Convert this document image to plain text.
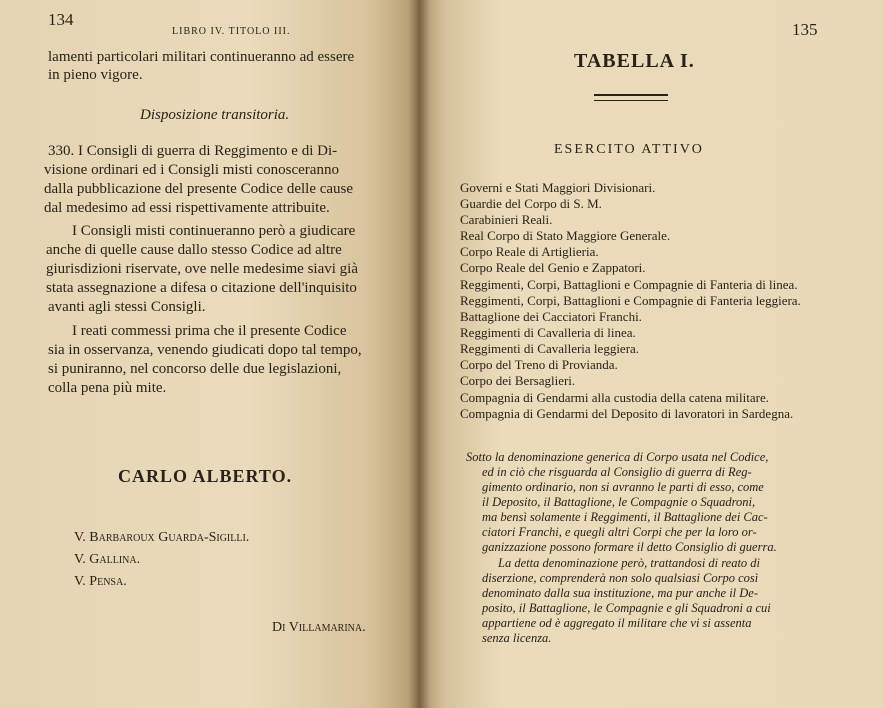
134
LIBRO IV. TITOLO III.
lamenti particolari militari continueranno ad essere
in pieno vigore.
Disposizione transitoria.
330. I Consigli di guerra di Reggimento e di Di-
visione ordinari ed i Consigli misti conosceranno
dalla pubblicazione del presente Codice delle cause
dal medesimo ad essi rispettivamente attribuite.
I Consigli misti continueranno però a giudicare
anche di quelle cause dallo stesso Codice ad altre
giurisdizioni riservate, ove nelle medesime siavi già
stata assegnazione a difesa o citazione dell'inquisito
avanti agli stessi Consigli.
I reati commessi prima che il presente Codice
sia in osservanza, venendo giudicati dopo tal tempo,
si puniranno, nel concorso delle due legislazioni,
colla pena più mite.
CARLO ALBERTO.
V. Barbaroux Guarda-Sigilli.
V. Gallina.
V. Pensa.
Di Villamarina.
135
TABELLA I.
ESERCITO ATTIVO
Governi e Stati Maggiori Divisionari.
Guardie del Corpo di S. M.
Carabinieri Reali.
Real Corpo di Stato Maggiore Generale.
Corpo Reale di Artiglieria.
Corpo Reale del Genio e Zappatori.
Reggimenti, Corpi, Battaglioni e Compagnie di Fanteria di linea.
Reggimenti, Corpi, Battaglioni e Compagnie di Fanteria leggiera.
Battaglione dei Cacciatori Franchi.
Reggimenti di Cavalleria di linea.
Reggimenti di Cavalleria leggiera.
Corpo del Treno di Provianda.
Corpo dei Bersaglieri.
Compagnia di Gendarmi alla custodia della catena militare.
Compagnia di Gendarmi del Deposito di lavoratori in Sardegna.
Sotto la denominazione generica di Corpo usata nel Codice,
ed in ciò che risguarda al Consiglio di guerra di Reg-
gimento ordinario, non si avranno le parti di esso, come
il Deposito, il Battaglione, le Compagnie o Squadroni,
ma bensì solamente i Reggimenti, il Battaglione dei Cac-
ciatori Franchi, e quegli altri Corpi che per la loro or-
ganizzazione possono formare il detto Consiglio di guerra.
La detta denominazione però, trattandosi di reato di
diserzione, comprenderà non solo qualsiasi Corpo così
denominato dalla sua instituzione, ma pur anche il De-
posito, il Battaglione, le Compagnie e gli Squadroni a cui
appartiene od è aggregato il militare che vi si assenta
senza licenza.
